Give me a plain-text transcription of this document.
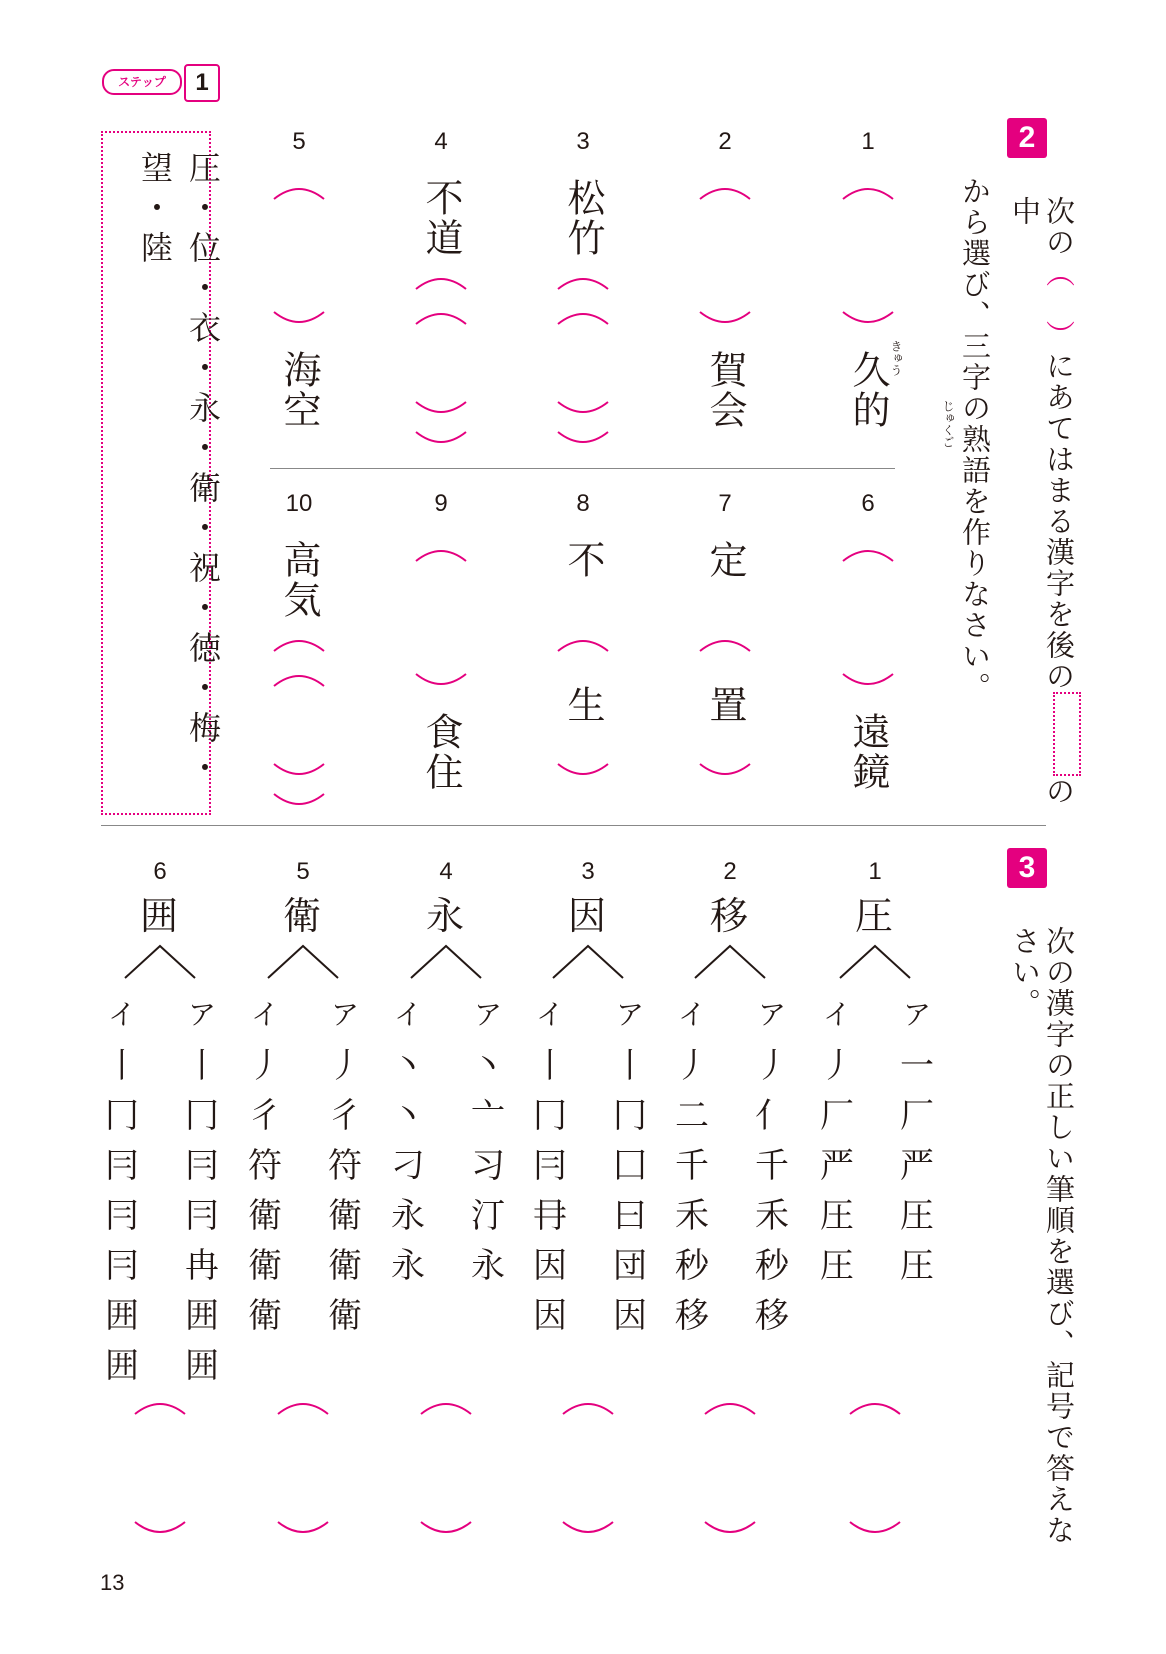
ステップ	1
2
次の︵　︶にあてはまる漢字を後のの中
から選び、三字の熟語を作りなさい。
じゅくご
きゅう
圧・位・衣・永・衛・祝・徳・梅・望・陸
1
久的
2
賀会
3
松竹
4
不道
5
海空
6
遠鏡
7
定
置
8
不
生
9
食住
10
高気
3
次の漢字の正しい筆順を選び、記号で答えなさい。
1
圧
ア
一
厂
严
圧
圧
イ
丿
厂
严
圧
圧
2
移
ア
丿
亻
千
禾
秒
移
イ
丿
二
千
禾
秒
移
3
因
ア
丨
冂
囗
曰
団
因
イ
丨
冂
冃
冄
因
因
4
永
ア
丶
亠
习
汀
永
イ
丶
丶
刁
永
永
5
衛
ア
丿
彳
符
衛
衛
衛
イ
丿
彳
符
衛
衛
衛
6
囲
ア
丨
冂
冃
冃
冉
囲
囲
イ
丨
冂
冃
冃
冃
囲
囲
13
